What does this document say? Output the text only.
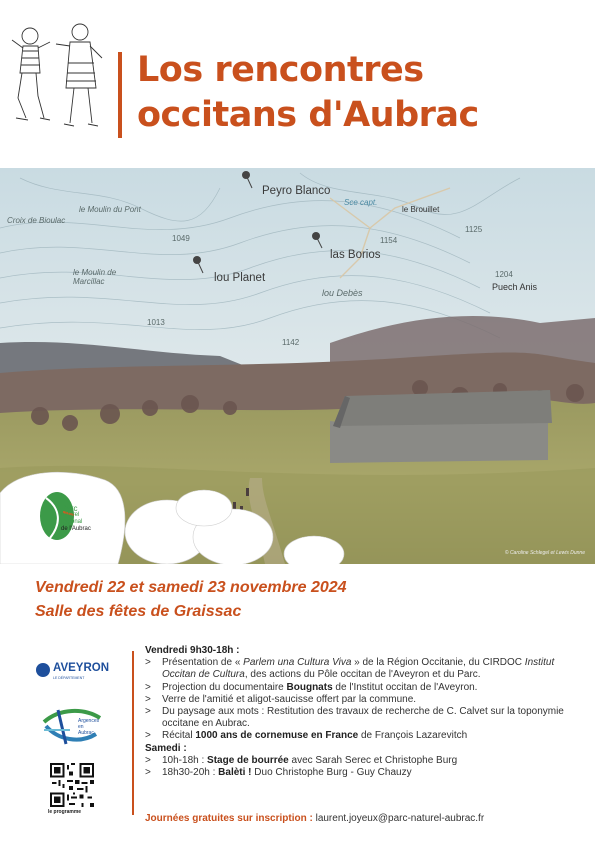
Los rencontres
occitans d'Aubrac
Croix de Bioulac
le Moulin du Pont
1049
le Moulin de Marcillac
Peyro Blanco
Sce capt.
le Brouillet
las Borios
1154
1125
lou Planet
lou Debès
1204
Puech Anis
1013
1142
Parc
naturel
régional
de l'Aubrac
© Caroline Schlegel et Lewis Dunne
Vendredi 22 et samedi 23 novembre 2024
Salle des fêtes de Graissac
AVEYRON
LE DÉPARTEMENT
Argences
en
Aubrac
le programme
Vendredi 9h30-18h :
> Présentation de « Parlem una Cultura Viva » de la Région Occitanie, du CIRDOC Institut Occitan de Cultura, des actions du Pôle occitan de l'Aveyron et du Parc.
> Projection du documentaire Bougnats de l'Institut occitan de l'Aveyron.
> Verre de l'amitié et aligot-saucisse offert par la commune.
> Du paysage aux mots : Restitution des travaux de recherche de C. Calvet sur la toponymie occitane en Aubrac.
> Récital 1000 ans de cornemuse en France de François Lazarevitch
Samedi :
> 10h-18h : Stage de bourrée avec Sarah Serec et Christophe Burg
> 18h30-20h : Balèti ! Duo Christophe Burg - Guy Chauzy
Journées gratuites sur inscription : laurent.joyeux@parc-naturel-aubrac.fr
